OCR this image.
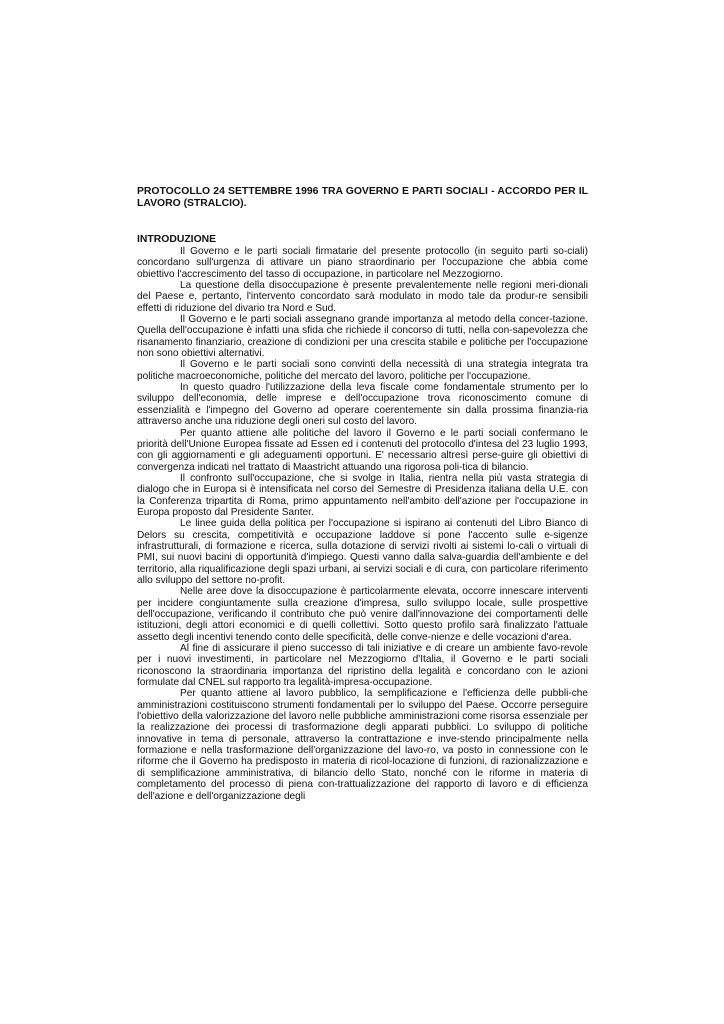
PROTOCOLLO 24 SETTEMBRE 1996 TRA GOVERNO E PARTI SOCIALI - ACCORDO PER IL LAVORO (STRALCIO).
INTRODUZIONE

Il Governo e le parti sociali firmatarie del presente protocollo (in seguito parti so-ciali) concordano sull'urgenza di attivare un piano straordinario per l'occupazione che abbia come obiettivo l'accrescimento del tasso di occupazione, in particolare nel Mezzogiorno.

La questione della disoccupazione è presente prevalentemente nelle regioni meri-dionali del Paese e, pertanto, l'intervento concordato sarà modulato in modo tale da produr-re sensibili effetti di riduzione del divario tra Nord e Sud.

Il Governo e le parti sociali assegnano grande importanza al metodo della concer-tazione. Quella dell'occupazione è infatti una sfida che richiede il concorso di tutti, nella con-sapevolezza che risanamento finanziario, creazione di condizioni per una crescita stabile e politiche per l'occupazione non sono obiettivi alternativi.

Il Governo e le parti sociali sono convinti della necessità di una strategia integrata tra politiche macroeconomiche, politiche del mercato del lavoro, politiche per l'occupazione.

In questo quadro l'utilizzazione della leva fiscale come fondamentale strumento per lo sviluppo dell'economia, delle imprese e dell'occupazione trova riconoscimento comune di essenzialità e l'impegno del Governo ad operare coerentemente sin dalla prossima finanzia-ria attraverso anche una riduzione degli oneri sul costo del lavoro.

Per quanto attiene alle politiche del lavoro il Governo e le parti sociali confermano le priorità dell'Unione Europea fissate ad Essen ed i contenuti del protocollo d'intesa del 23 luglio 1993, con gli aggiornamenti e gli adeguamenti opportuni. E' necessario altresì perse-guire gli obiettivi di convergenza indicati nel trattato di Maastricht attuando una rigorosa poli-tica di bilancio.

Il confronto sull'occupazione, che si svolge in Italia, rientra nella più vasta strategia di dialogo che in Europa si è intensificata nel corso del Semestre di Presidenza italiana della U.E. con la Conferenza tripartita di Roma, primo appuntamento nell'ambito dell'azione per l'occupazione in Europa proposto dal Presidente Santer.

Le linee guida della politica per l'occupazione si ispirano ai contenuti del Libro Bianco di Delors su crescita, competitività e occupazione laddove si pone l'accento sulle e-sigenze infrastrutturali, di formazione e ricerca, sulla dotazione di servizi rivolti ai sistemi lo-cali o virtuali di PMI, sui nuovi bacini di opportunità d'impiego. Questi vanno dalla salva-guardia dell'ambiente e del territorio, alla riqualificazione degli spazi urbani, ai servizi sociali e di cura, con particolare riferimento allo sviluppo del settore no-profit.

Nelle aree dove la disoccupazione è particolarmente elevata, occorre innescare interventi per incidere congiuntamente sulla creazione d'impresa, sullo sviluppo locale, sulle prospettive dell'occupazione, verificando il contributo che può venire dall'innovazione dei comportamenti delle istituzioni, degli attori economici e di quelli collettivi. Sotto questo profilo sarà finalizzato l'attuale assetto degli incentivi tenendo conto delle specificità, delle conve-nienze e delle vocazioni d'area.

Al fine di assicurare il pieno successo di tali iniziative e di creare un ambiente favo-revole per i nuovi investimenti, in particolare nel Mezzogiorno d'Italia, il Governo e le parti sociali riconoscono la straordinaria importanza del ripristino della legalità e concordano con le azioni formulate dal CNEL sul rapporto tra legalità-impresa-occupazione.

Per quanto attiene al lavoro pubblico, la semplificazione e l'efficienza delle pubbli-che amministrazioni costituiscono strumenti fondamentali per lo sviluppo del Paese. Occorre perseguire l'obiettivo della valorizzazione del lavoro nelle pubbliche amministrazioni come risorsa essenziale per la realizzazione dei processi di trasformazione degli apparati pubblici. Lo sviluppo di politiche innovative in tema di personale, attraverso la contrattazione e inve-stendo principalmente nella formazione e nella trasformazione dell'organizzazione del lavo-ro, va posto in connessione con le riforme che il Governo ha predisposto in materia di ricol-locazione di funzioni, di razionalizzazione e di semplificazione amministrativa, di bilancio dello Stato, nonché con le riforme in materia di completamento del processo di piena con-trattualizzazione del rapporto di lavoro e di efficienza dell'azione e dell'organizzazione degli
